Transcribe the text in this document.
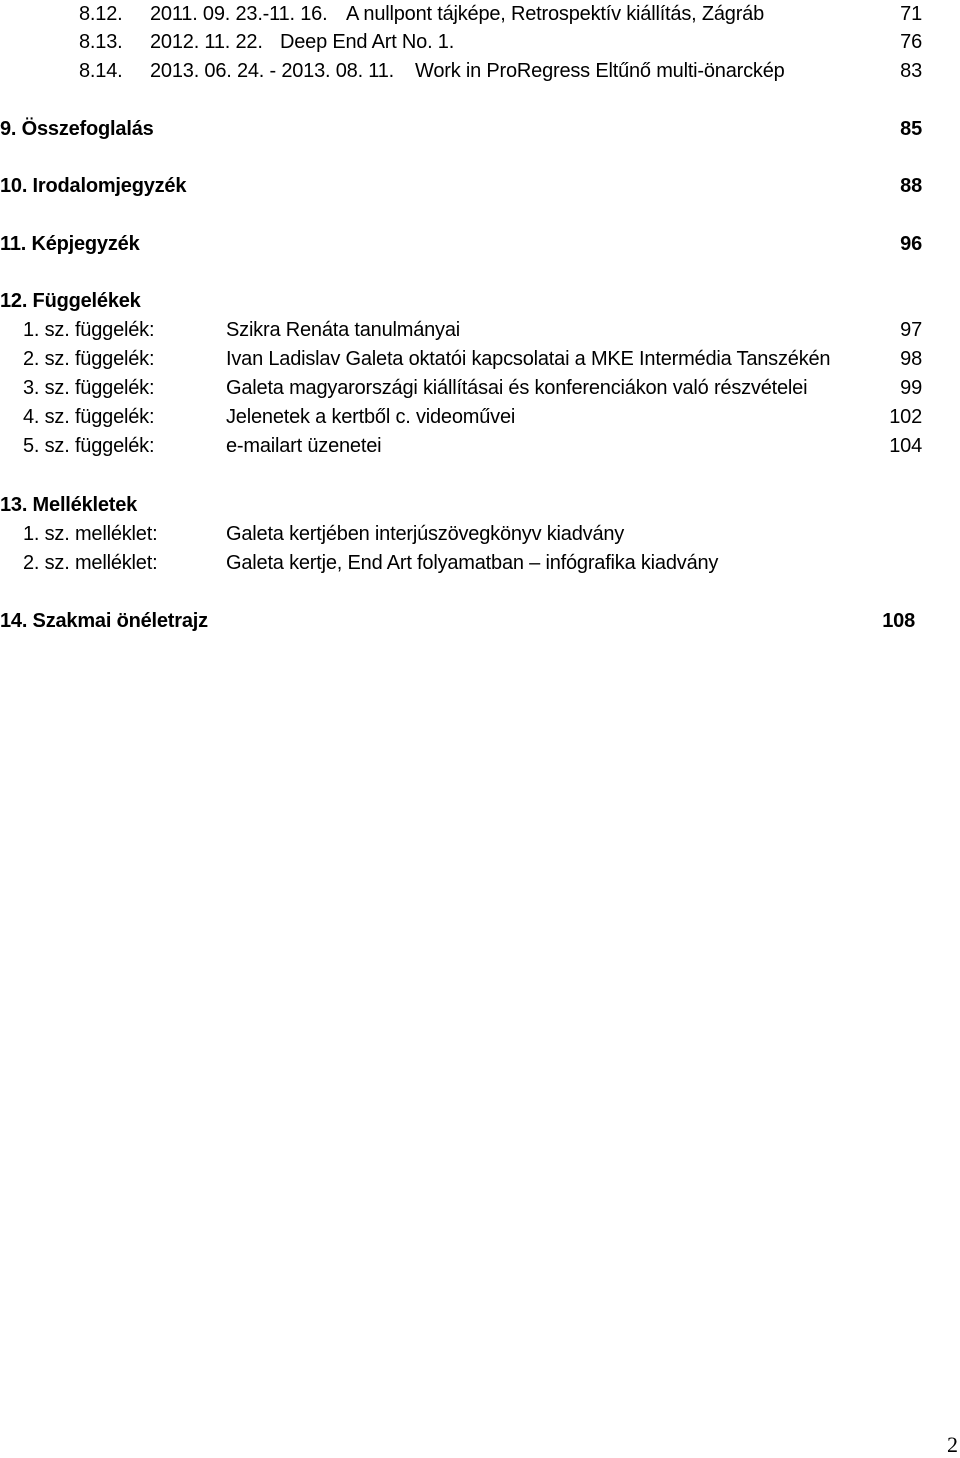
8.12. 2011. 09. 23.-11. 16. A nullpont tájképe, Retrospektív kiállítás, Zágráb	71
8.13. 2012. 11. 22. Deep End Art No. 1.	76
8.14. 2013. 06. 24. - 2013. 08. 11. Work in ProRegress Eltűnő multi-önarckép	83
9. Összefoglalás	85
10. Irodalomjegyzék	88
11. Képjegyzék	96
12. Függelékek
1. sz. függelék:	Szikra Renáta tanulmányai	97
2. sz. függelék:	Ivan Ladislav Galeta oktatói kapcsolatai a MKE Intermédia Tanszékén	98
3. sz. függelék:	Galeta magyarországi kiállításai és konferenciákon való részvételei	99
4. sz. függelék:	Jelenetek a kertből c. videoművei	102
5. sz. függelék:	e-mailart üzenetei	104
13. Mellékletek
1. sz. melléklet:	Galeta kertjében interjúszövegkönyv kiadvány
2. sz. melléklet:	Galeta kertje, End Art folyamatban – infógrafika kiadvány
14. Szakmai önéletrajz	108
2
